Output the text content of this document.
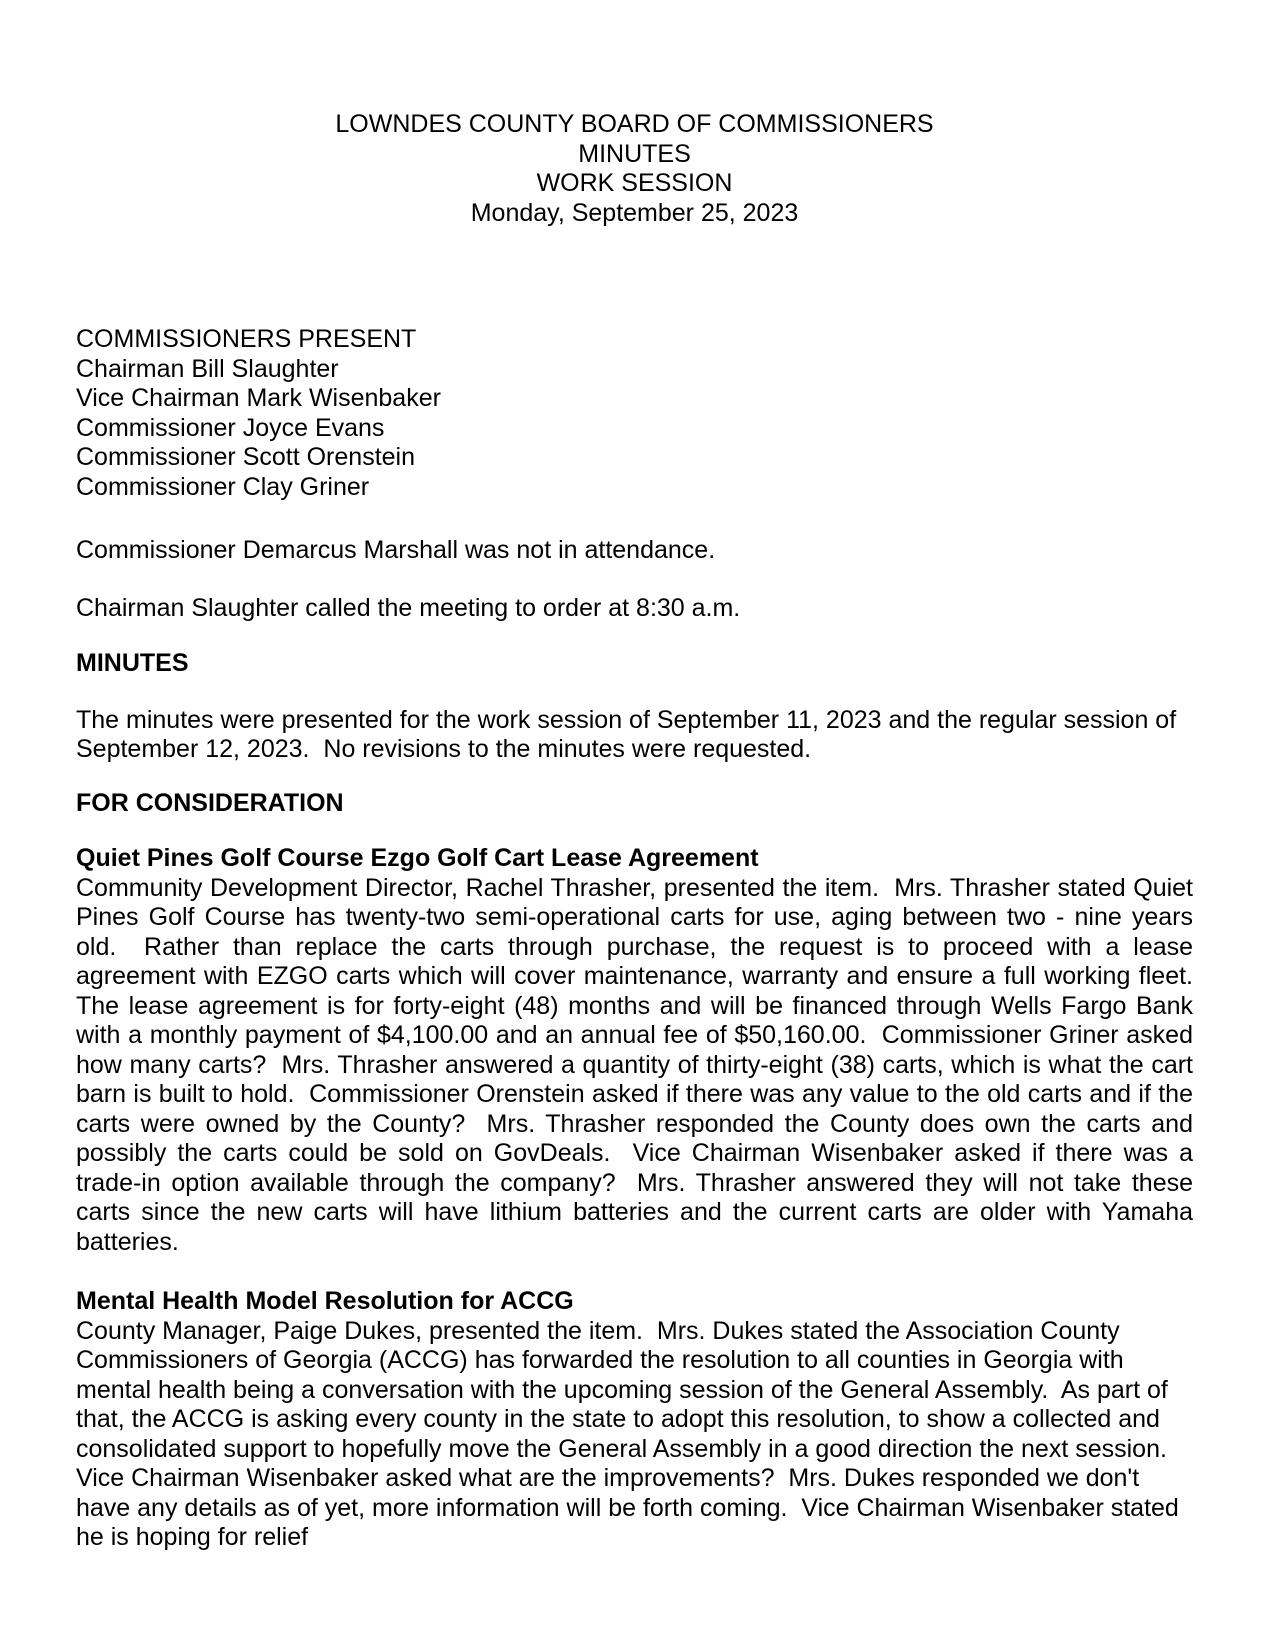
LOWNDES COUNTY BOARD OF COMMISSIONERS
MINUTES
WORK SESSION
Monday, September 25, 2023
COMMISSIONERS PRESENT
Chairman Bill Slaughter
Vice Chairman Mark Wisenbaker
Commissioner Joyce Evans
Commissioner Scott Orenstein
Commissioner Clay Griner

Commissioner Demarcus Marshall was not in attendance.

Chairman Slaughter called the meeting to order at 8:30 a.m.

MINUTES

The minutes were presented for the work session of September 11, 2023 and the regular session of September 12, 2023.  No revisions to the minutes were requested.

FOR CONSIDERATION
Quiet Pines Golf Course Ezgo Golf Cart Lease Agreement

Community Development Director, Rachel Thrasher, presented the item.  Mrs. Thrasher stated Quiet Pines Golf Course has twenty-two semi-operational carts for use, aging between two - nine years old.  Rather than replace the carts through purchase, the request is to proceed with a lease agreement with EZGO carts which will cover maintenance, warranty and ensure a full working fleet.  The lease agreement is for forty-eight (48) months and will be financed through Wells Fargo Bank with a monthly payment of $4,100.00 and an annual fee of $50,160.00.  Commissioner Griner asked how many carts?  Mrs. Thrasher answered a quantity of thirty-eight (38) carts, which is what the cart barn is built to hold.  Commissioner Orenstein asked if there was any value to the old carts and if the carts were owned by the County?  Mrs. Thrasher responded the County does own the carts and possibly the carts could be sold on GovDeals.  Vice Chairman Wisenbaker asked if there was a trade-in option available through the company?  Mrs. Thrasher answered they will not take these carts since the new carts will have lithium batteries and the current carts are older with Yamaha batteries.

Mental Health Model Resolution for ACCG

County Manager, Paige Dukes, presented the item.  Mrs. Dukes stated the Association County Commissioners of Georgia (ACCG) has forwarded the resolution to all counties in Georgia with mental health being a conversation with the upcoming session of the General Assembly.  As part of that, the ACCG is asking every county in the state to adopt this resolution, to show a collected and consolidated support to hopefully move the General Assembly in a good direction the next session.  Vice Chairman Wisenbaker asked what are the improvements?  Mrs. Dukes responded we don't have any details as of yet, more information will be forth coming.  Vice Chairman Wisenbaker stated he is hoping for relief
